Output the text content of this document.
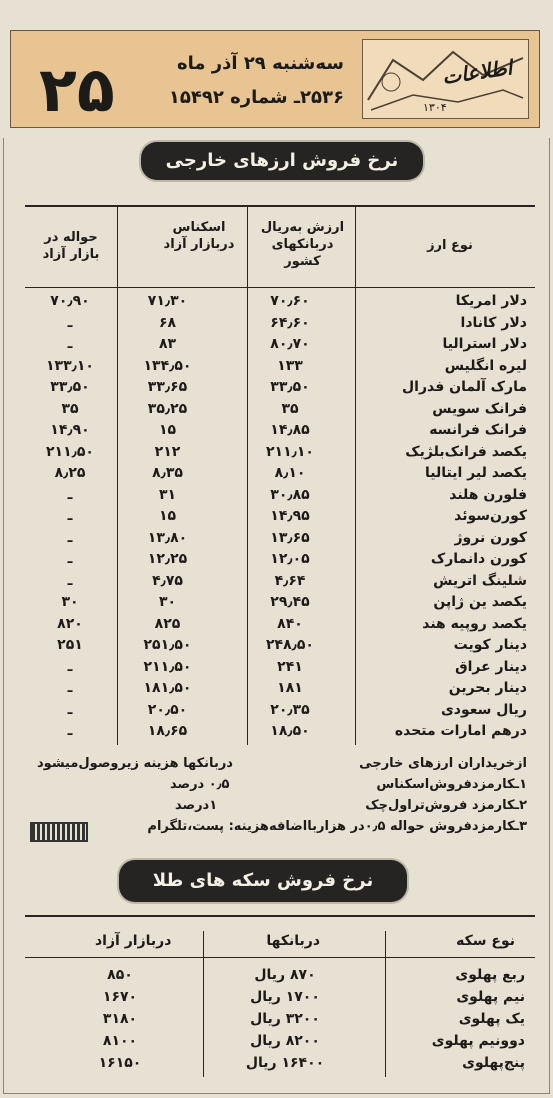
۲۵	سه‌شنبه ۲۹ آذر ماه
۲۵۳۶ـ شماره ۱۵۴۹۲
اطلاعات
۱۳۰۴
نرخ فروش ارزهای خارجی
نوع ارز
ارزش به‌ریال دربانکهای کشور
اسکناس دربازار آزاد
حواله در بازار آزاد
دلار امریکا
۷۰٫۶۰
۷۱٫۳۰
۷۰٫۹۰
دلار کانادا
۶۴٫۶۰
۶۸
ـ
دلار استرالیا
۸۰٫۷۰
۸۳
ـ
لیره انگلیس
۱۳۳
۱۳۴٫۵۰
۱۳۳٫۱۰
مارک آلمان فدرال
۳۳٫۵۰
۳۳٫۶۵
۳۳٫۵۰
فرانک سویس
۳۵
۳۵٫۲۵
۳۵
فرانک فرانسه
۱۴٫۸۵
۱۵
۱۴٫۹۰
یکصد فرانک‌بلژیک
۲۱۱٫۱۰
۲۱۲
۲۱۱٫۵۰
یکصد لیر ایتالیا
۸٫۱۰
۸٫۳۵
۸٫۲۵
فلورن هلند
۳۰٫۸۵
۳۱
ـ
کورن‌سوئد
۱۴٫۹۵
۱۵
ـ
کورن نروژ
۱۳٫۶۵
۱۳٫۸۰
ـ
کورن دانمارک
۱۲٫۰۵
۱۲٫۲۵
ـ
شلینگ اتریش
۴٫۶۴
۴٫۷۵
ـ
یکصد ین ژاپن
۲۹٫۴۵
۳۰
۳۰
یکصد روپیه هند
۸۴۰
۸۲۵
۸۲۰
دینار کویت
۲۴۸٫۵۰
۲۵۱٫۵۰
۲۵۱
دینار عراق
۲۴۱
۲۱۱٫۵۰
ـ
دینار بحرین
۱۸۱
۱۸۱٫۵۰
ـ
ریال سعودی
۲۰٫۳۵
۲۰٫۵۰
ـ
درهم امارات متحده
۱۸٫۵۰
۱۸٫۶۵
ـ
ازخریداران ارزهای خارجی
دربانکها هزینه زیروصول‌میشود
۱ـکارمزدفروش‌اسکناس
۰٫۵ درصد
۲ـکارمزد فروش‌تراول‌چک
۱درصد
۳ـکارمزدفروش حواله ۰٫۵در هزاربااضافه‌هزینه: پست،تلگرام
نرخ فروش سکه های طلا
نوع سکه
دربانکها
دربازار آزاد
ربع پهلوی
۸۷۰ ریال
۸۵۰
نیم پهلوی
۱۷۰۰ ریال
۱۶۷۰
یک پهلوی
۳۲۰۰ ریال
۳۱۸۰
دوونیم پهلوی
۸۲۰۰ ریال
۸۱۰۰
پنج‌پهلوی
۱۶۴۰۰ ریال
۱۶۱۵۰
